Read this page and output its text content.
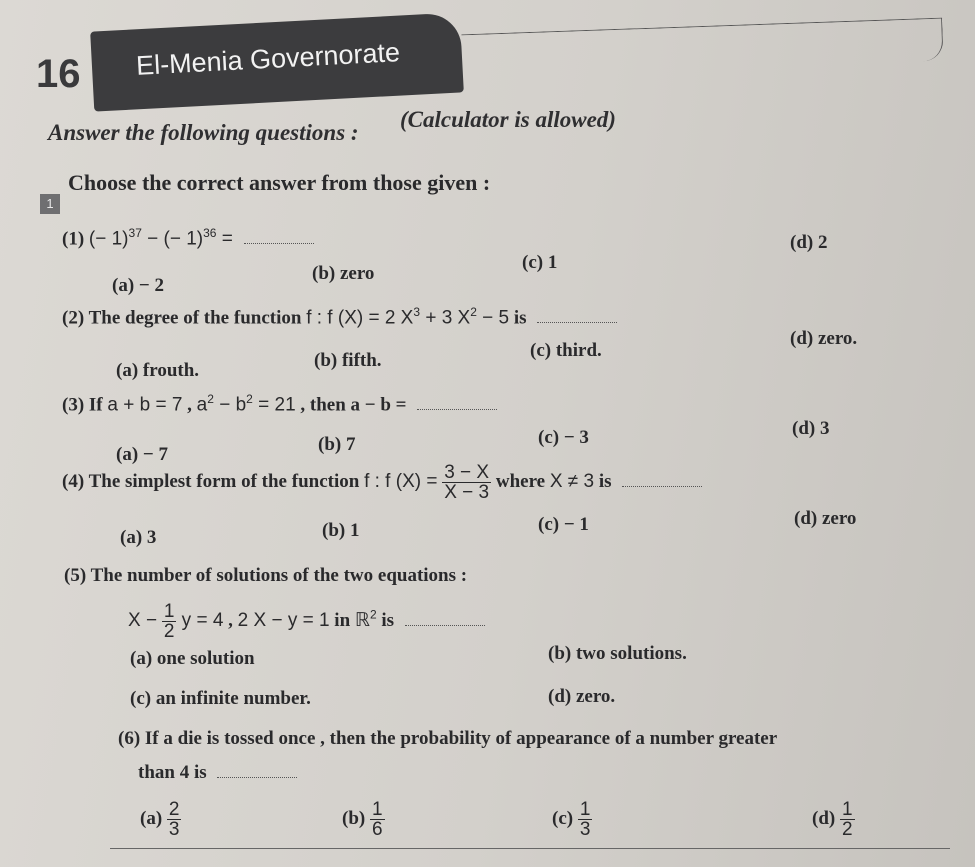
16 El-Menia Governorate
Answer the following questions :
(Calculator is allowed)
1
Choose the correct answer from those given :
(1) (− 1)$^{37}$ − (− 1)$^{36}$ =
(a) − 2
(b) zero
(c) 1
(d) 2
(2) The degree of the function f : f (X) = 2 $X^3 + 3$ $X^2 - 5$ is
(a) frouth.	(b) fifth.	(c) third.
(d) zero.
(3) If a + b = 7 , $a^2 - b^2 = 21$ , then a − b =
(a) − 7	(b) 7	(c) − 3	(d) 3
(4) The simplest form of the function f : f $(X) = \frac{3 - X}{X - 3}$ where X ≠ 3 is
(a) 3	(b) 1	(c) − 1	(d) zero
(5) The number of solutions of the two equations :
$X - \frac{1}{2}$ y = 4 , 2 X − y = 1 in ℝ$^2$ is
(a) one solution	(b) two solutions.
(c) an infinite number.	(d) zero.
(6) If a die is tossed once , then the probability of appearance of a number greater
than 4 is
$(a) \frac{2}{3}$	$(b) \frac{1}{6}$	$(c) \frac{1}{3}$	$(d) \frac{1}{2}$
